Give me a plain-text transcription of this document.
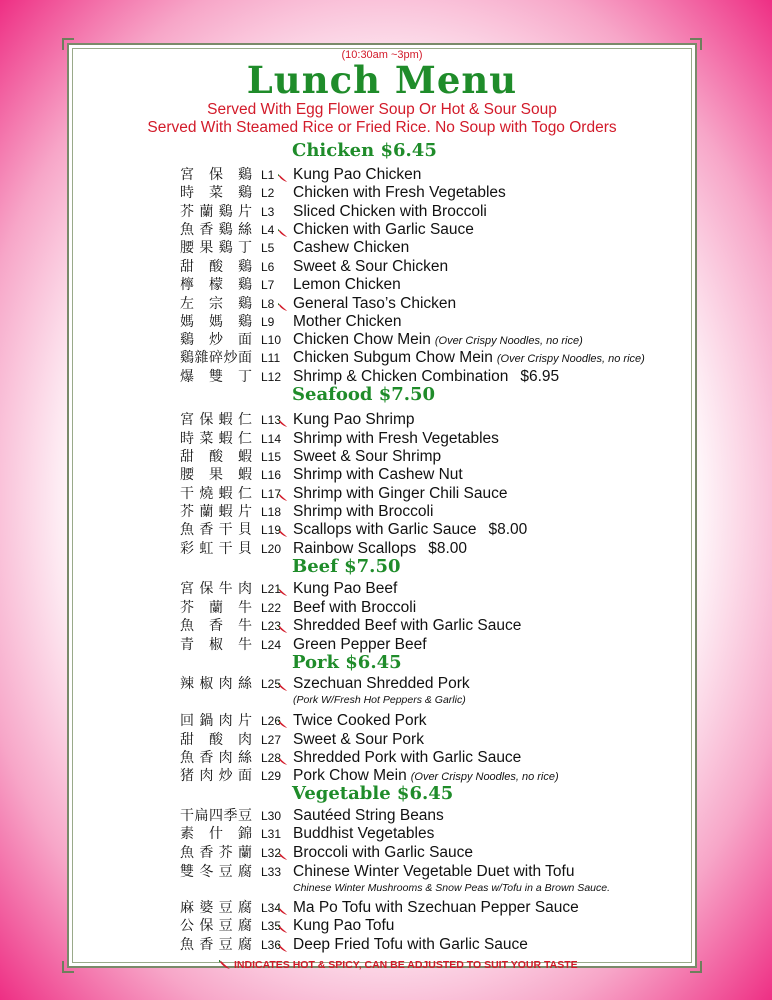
(10:30am ~3pm)
Lunch Menu
Served With Egg Flower Soup Or Hot & Sour Soup
Served With Steamed Rice or Fried Rice. No Soup with Togo Orders
Chicken $6.45
Seafood $7.50
Beef $7.50
Pork $6.45
Vegetable $6.45
宮保鷄 L1 Kung Pao Chicken
時菜鷄 L2 Chicken with Fresh Vegetables
芥蘭鷄片 L3 Sliced Chicken with Broccoli
魚香鷄絲 L4 Chicken with Garlic Sauce
腰果鷄丁 L5 Cashew Chicken
甜酸鷄 L6 Sweet & Sour Chicken
檸檬鷄 L7 Lemon Chicken
左宗鷄 L8 General Taso’s Chicken
媽媽鷄 L9 Mother Chicken
鷄炒面 L10 Chicken Chow Mein (Over Crispy Noodles, no rice)
鷄雜碎炒面 L11 Chicken Subgum Chow Mein (Over Crispy Noodles, no rice)
爆雙丁 L12 Shrimp & Chicken Combination $6.95
宮保蝦仁 L13 Kung Pao Shrimp
時菜蝦仁 L14 Shrimp with Fresh Vegetables
甜酸蝦 L15 Sweet & Sour Shrimp
腰果蝦 L16 Shrimp with Cashew Nut
干燒蝦仁 L17 Shrimp with Ginger Chili Sauce
芥蘭蝦片 L18 Shrimp with Broccoli
魚香干貝 L19 Scallops with Garlic Sauce $8.00
彩虹干貝 L20 Rainbow Scallops $8.00
宮保牛肉 L21 Kung Pao Beef
芥蘭牛 L22 Beef with Broccoli
魚香牛 L23 Shredded Beef with Garlic Sauce
青椒牛 L24 Green Pepper Beef
辣椒肉絲 L25 Szechuan Shredded Pork
(Pork W/Fresh Hot Peppers & Garlic)
回鍋肉片 L26 Twice Cooked Pork
甜酸肉 L27 Sweet & Sour Pork
魚香肉絲 L28 Shredded Pork with Garlic Sauce
猪肉炒面 L29 Pork Chow Mein (Over Crispy Noodles, no rice)
干扁四季豆 L30 Sautéed String Beans
素什錦 L31 Buddhist Vegetables
魚香芥蘭 L32 Broccoli with Garlic Sauce
雙冬豆腐 L33 Chinese Winter Vegetable Duet with Tofu
Chinese Winter Mushrooms & Snow Peas w/Tofu in a Brown Sauce.
麻婆豆腐 L34 Ma Po Tofu with Szechuan Pepper Sauce
公保豆腐 L35 Kung Pao Tofu
魚香豆腐 L36 Deep Fried Tofu with Garlic Sauce
INDICATES HOT & SPICY, CAN BE ADJUSTED TO SUIT YOUR TASTE
